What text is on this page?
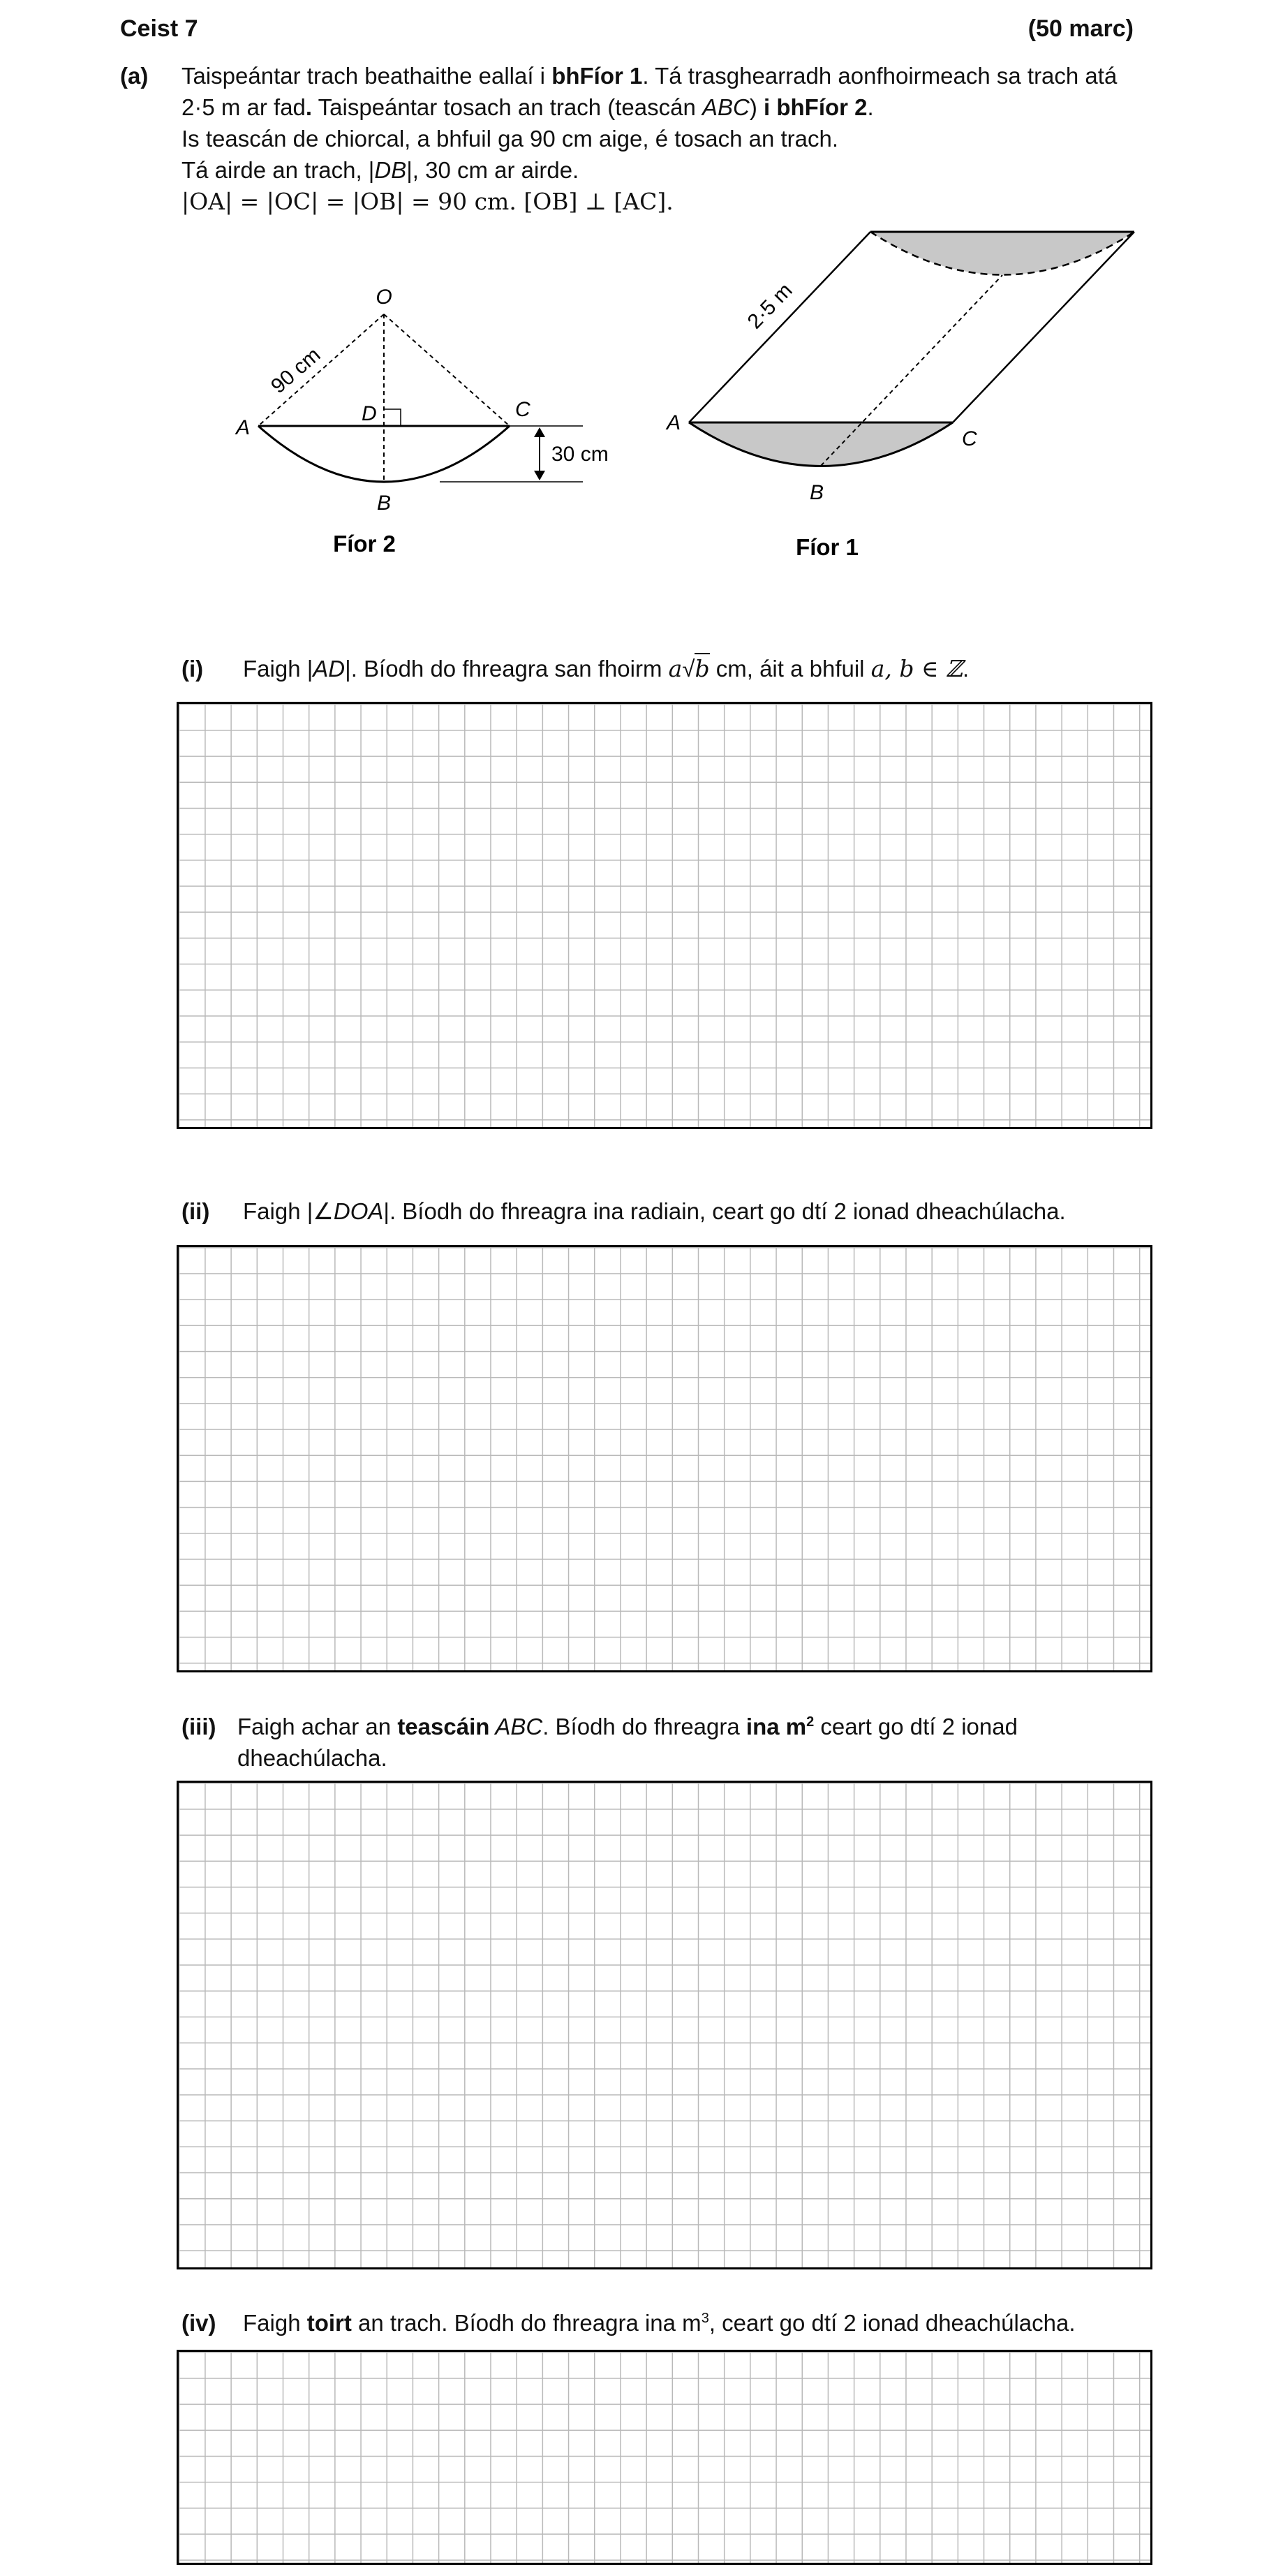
Ceist 7	(50 marc)
(a) Taispeántar trach beathaithe eallaí i bhFíor 1. Tá trasghearradh aonfhoirmeach sa trach atá
2·5 m ar fad. Taispeántar tosach an trach (teascán ABC) i bhFíor 2.
Is teascán de chiorcal, a bhfuil ga 90 cm aige, é tosach an trach.
Tá airde an trach, |DB|, 30 cm ar airde.
|OA| = |OC| = |OB| = 90 cm. [OB] ⊥ [AC].
O
A
D	C
B
90 cm
30 cm
Fíor 2
2·5 m
A
C
B
Fíor 1
(i) Faigh |AD|. Bíodh do fhreagra san fhoirm a√b cm, áit a bhfuil a, b ∈ ℤ.
(ii) Faigh |∠DOA|. Bíodh do fhreagra ina radiain, ceart go dtí 2 ionad dheachúlacha.
(iii) Faigh achar an teascáin ABC. Bíodh do fhreagra ina $m^2$ ceart go dtí 2 ionad
dheachúlacha.
(iv) Faigh toirt an trach. Bíodh do fhreagra ina $m^3$, ceart go dtí 2 ionad dheachúlacha.
